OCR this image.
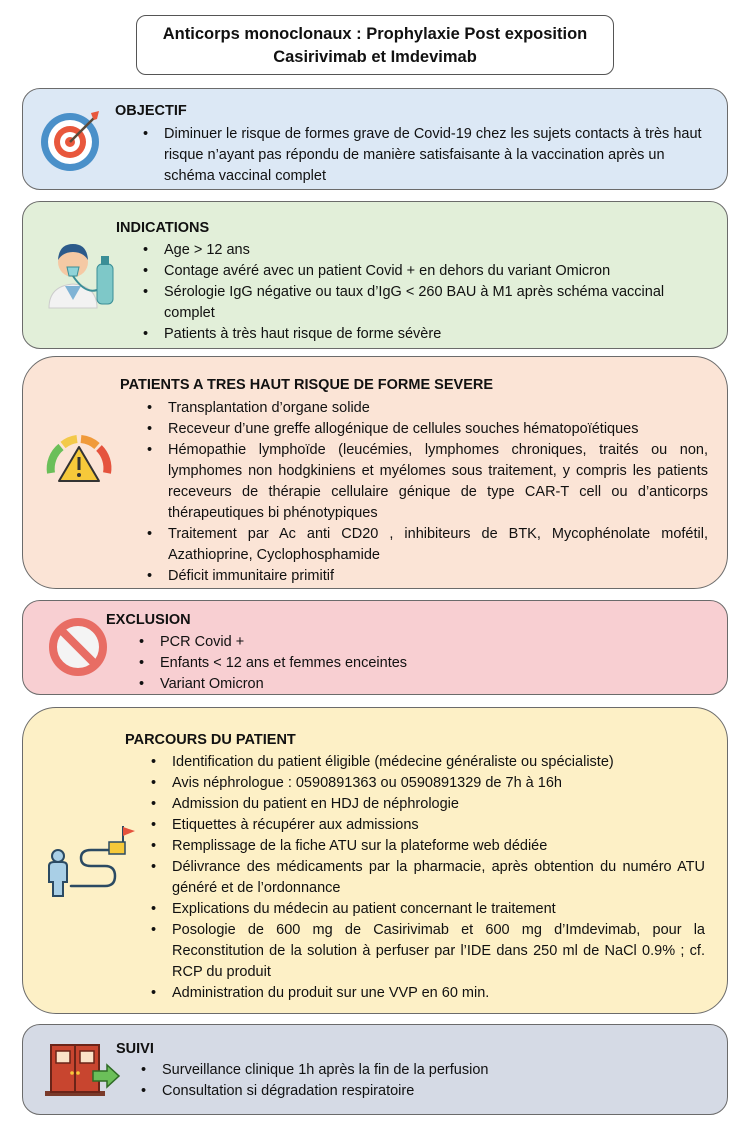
Anticorps monoclonaux : Prophylaxie Post exposition
Casirivimab et Imdevimab
OBJECTIF
• Diminuer le risque de formes grave de Covid-19 chez les sujets contacts à très haut risque n’ayant pas répondu de manière satisfaisante à la vaccination après un schéma vaccinal complet
INDICATIONS
• Age > 12 ans
• Contage avéré avec un patient Covid + en dehors du variant Omicron
• Sérologie IgG négative ou taux d’IgG < 260 BAU à M1 après schéma vaccinal complet
• Patients à très haut risque de forme sévère
PATIENTS A TRES HAUT RISQUE DE FORME SEVERE
• Transplantation d’organe solide
• Receveur d’une greffe allogénique de cellules souches hématopoïétiques
• Hémopathie lymphoïde (leucémies, lymphomes chroniques, traités ou non, lymphomes non hodgkiniens et myélomes sous traitement, y compris les patients receveurs de thérapie cellulaire génique de type CAR-T cell ou d’anticorps thérapeutiques bi phénotypiques
• Traitement par Ac anti CD20 , inhibiteurs de BTK, Mycophénolate mofétil, Azathioprine, Cyclophosphamide
• Déficit immunitaire primitif
EXCLUSION
• PCR Covid +
• Enfants < 12 ans et femmes enceintes
• Variant Omicron
PARCOURS DU PATIENT
• Identification du patient éligible (médecine généraliste ou spécialiste)
• Avis néphrologue : 0590891363 ou 0590891329 de 7h à 16h
• Admission du patient en HDJ de néphrologie
• Etiquettes à récupérer aux admissions
• Remplissage de la fiche ATU sur la plateforme web dédiée
• Délivrance des médicaments par la pharmacie, après obtention du numéro ATU généré et de l’ordonnance
• Explications du médecin au patient concernant le traitement
• Posologie de 600 mg de Casirivimab et 600 mg d’Imdevimab, pour la Reconstitution de la solution à perfuser par l’IDE dans 250 ml de NaCl 0.9% ; cf. RCP du produit
• Administration du produit sur une VVP en 60 min.
SUIVI
• Surveillance clinique 1h après la fin de la perfusion
• Consultation si dégradation respiratoire
